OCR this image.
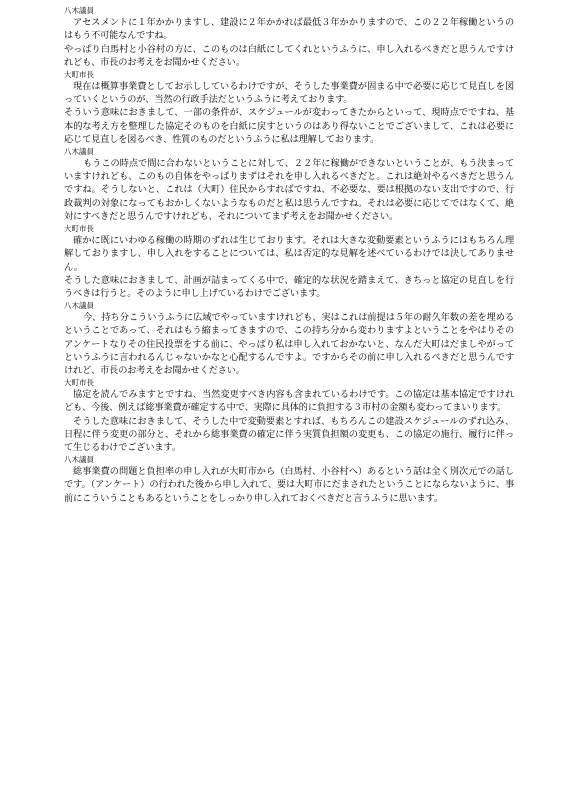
八木議員

アセスメントに１年かかりますし、建設に２年かかれば最低３年かかりますので、この２２年稼働というのはもう不可能なんですね。

やっぱり白馬村と小谷村の方に、このものは白紙にしてくれというふうに、申し入れるべきだと思うんですけれども、市長のお考えをお聞かせください。

大町市長

現在は概算事業費としてお示ししているわけですが、そうした事業費が固まる中で必要に応じて見直しを図っていくというのが、当然の行政手法だというふうに考えております。

そういう意味におきまして、一部の条件が、スケジュールが変わってきたからといって、現時点でですね、基本的な考え方を整理した協定そのものを白紙に戻すというのはあり得ないことでございまして、これは必要に応じて見直しを図るべき、性質のものだというふうに私は理解しております。

八木議員

もうこの時点で間に合わないということに対して、２２年に稼働ができないということが、もう決まっていますけれども、このもの自体をやっぱりまずはそれを申し入れるべきだと。これは絶対やるべきだと思うんですね。そうしないと、これは（大町）住民からすればですね、不必要な、要は根拠のない支出ですので、行政裁判の対象になってもおかしくないようなものだと私は思うんですね。それは必要に応じてではなくて、絶対にすべきだと思うんですけれども、それについてまず考えをお聞かせください。

大町市長

確かに既にいわゆる稼働の時期のずれは生じております。それは大きな変動要素というふうにはもちろん理解しておりますし、申し入れをすることについては、私は否定的な見解を述べているわけでは決してありません。

そうした意味におきまして、計画が詰まってくる中で、確定的な状況を踏まえて、きちっと協定の見直しを行うべきは行うと。そのように申し上げているわけでございます。

八木議員

今、持ち分こういうふうに広域でやっていますけれども、実はこれは前提は５年の耐久年数の差を埋めるということであって、それはもう縮まってきますので、この持ち分から変わりますよということをやはりそのアンケートなりその住民投票をする前に、やっぱり私は申し入れておかないと、なんだ大町はだましやがってというふうに言われるんじゃないかなと心配するんですよ。ですからその前に申し入れるべきだと思うんですけれど、市長のお考えをお聞かせください。

大町市長

協定を読んでみますとですね、当然変更すべき内容も含まれているわけです。この協定は基本協定ですけれども、今後、例えば総事業費が確定する中で、実際に具体的に負担する３市村の金額も変わってまいります。

そうした意味におきまして、そうした中で変動要素とすれば、もちろんこの建設スケジュールのずれ込み、日程に伴う変更の部分と、それから総事業費の確定に伴う実質負担額の変更も、この協定の施行、履行に伴って生じるわけでございます。

八木議員

総事業費の問題と負担率の申し入れが大町市から（白馬村、小谷村へ）あるという話は全く別次元での話しです。（アンケート）の行われた後から申し入れて、要は大町市にだまされたということにならないように、事前にこういうこともあるということをしっかり申し入れておくべきだと言うふうに思います。
